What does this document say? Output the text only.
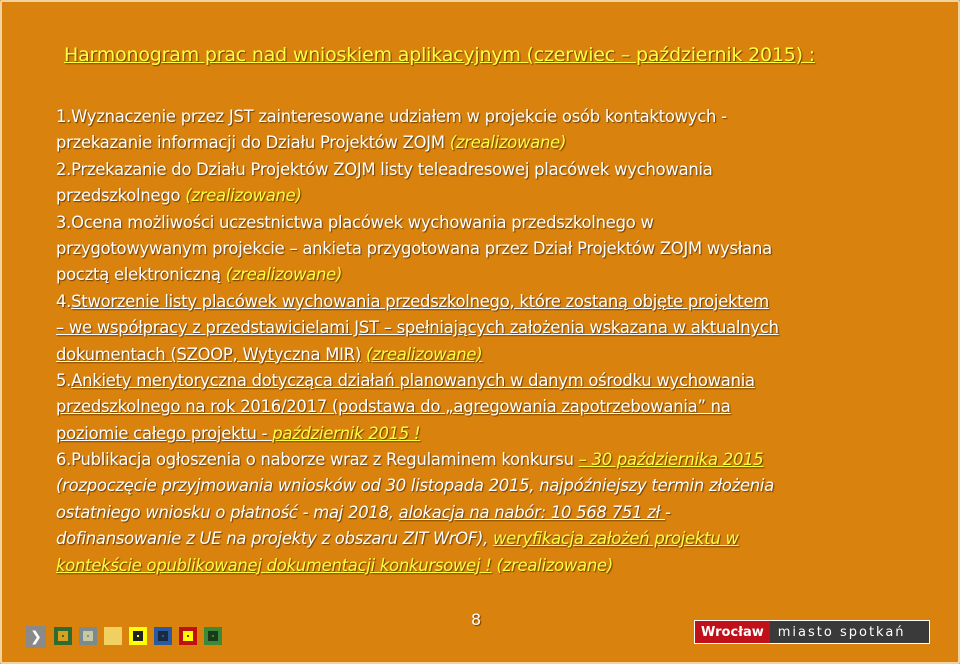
Harmonogram prac nad wnioskiem aplikacyjnym (czerwiec – październik 2015) :
1.Wyznaczenie przez JST zainteresowane udziałem w projekcie osób kontaktowych -
przekazanie informacji do Działu Projektów ZOJM (zrealizowane)
2.Przekazanie do Działu Projektów ZOJM listy teleadresowej placówek wychowania
przedszkolnego (zrealizowane)
3.Ocena możliwości uczestnictwa placówek wychowania przedszkolnego w
przygotowywanym projekcie – ankieta przygotowana przez Dział Projektów ZOJM wysłana
pocztą elektroniczną (zrealizowane)
4.Stworzenie listy placówek wychowania przedszkolnego, które zostaną objęte projektem
– we współpracy z przedstawicielami JST – spełniających założenia wskazana w aktualnych
dokumentach (SZOOP, Wytyczna MIR) (zrealizowane)
5.Ankiety merytoryczna dotycząca działań planowanych w danym ośrodku wychowania
przedszkolnego na rok 2016/2017 (podstawa do „agregowania zapotrzebowania” na
poziomie całego projektu - październik 2015 !
6.Publikacja ogłoszenia o naborze wraz z Regulaminem konkursu – 30 października 2015
(rozpoczęcie przyjmowania wniosków od 30 listopada 2015, najpóźniejszy termin złożenia
ostatniego wniosku o płatność - maj 2018, alokacja na nabór: 10 568 751 zł -
dofinansowanie z UE na projekty z obszaru ZIT WrOF), weryfikacja założeń projektu w
kontekście opublikowanej dokumentacji konkursowej ! (zrealizowane)
8
❯	Wrocław	miasto spotkań
